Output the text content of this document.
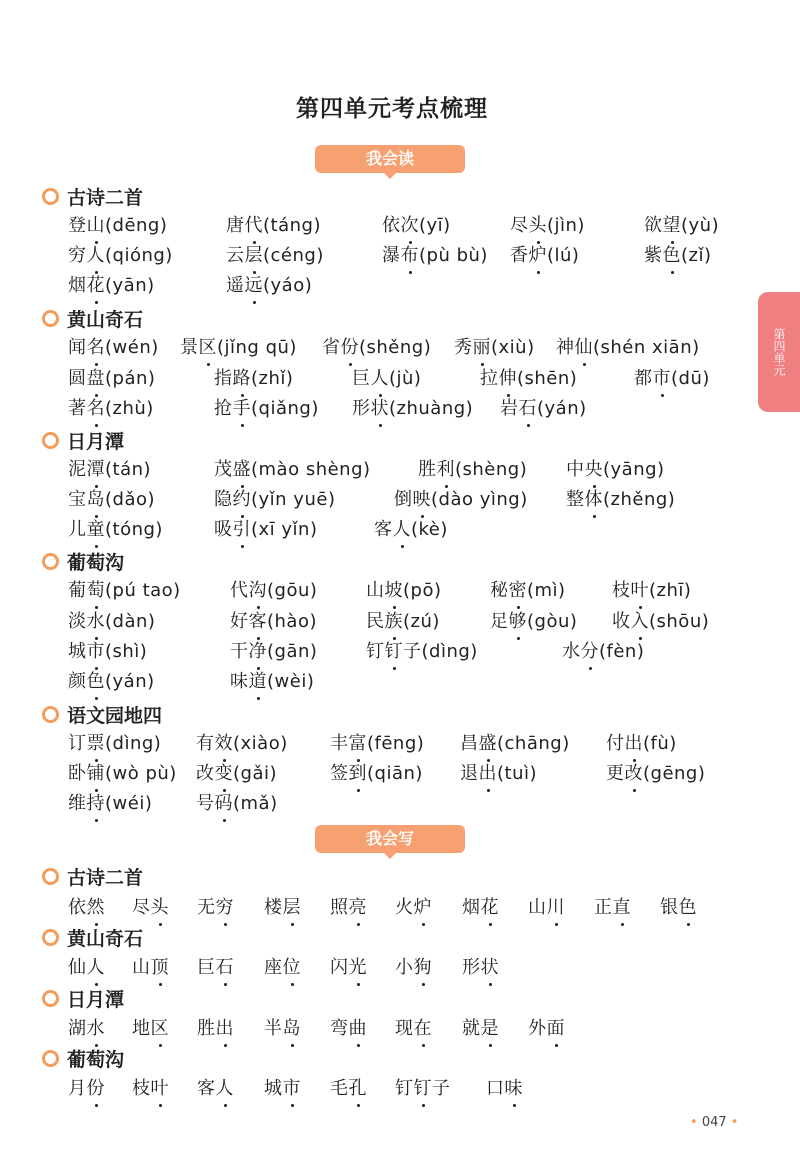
第四单元考点梳理
我会读
我会写
第四单元
• 047 •
古诗二首
登山(dēng)	唐代(táng)	依次(yī)	尽头(jìn)	欲望(yù)
穷人(qióng)	云层(céng)	瀑布(pù bù) 香炉(lú)	紫色(zǐ)
烟花(yān)	遥远(yáo)
黄山奇石
闻名(wén) 景区(jǐng qū) 省份(shěng) 秀丽(xiù) 神仙(shén xiān)
圆盘(pán)	指路(zhǐ)	巨人(jù)	拉伸(shēn)	都市(dū)
著名(zhù)	抢手(qiǎng) 形状(zhuàng) 岩石(yán)
日月潭
泥潭(tán)	茂盛(mào shèng)	胜利(shèng) 中央(yāng)
宝岛(dǎo)	隐约(yǐn yuē)	倒映(dào yìng) 整体(zhěng)
儿童(tóng)	吸引(xī yǐn)	客人(kè)
葡萄沟
葡萄(pú tao)	代沟(gōu)	山坡(pō)	秘密(mì)	枝叶(zhī)
淡水(dàn)	好客(hào)	民族(zú)	足够(gòu) 收入(shōu)
城市(shì)	干净(gān)	钉钉子(dìng)	水分(fèn)
颜色(yán)	味道(wèi)
语文园地四
订票(dìng) 有效(xiào) 丰富(fēng) 昌盛(chāng) 付出(fù)
卧铺(wò pù) 改变(gǎi)	签到(qiān) 退出(tuì)	更改(gēng)
维持(wéi) 号码(mǎ)
古诗二首
依然 尽头 无穷 楼层 照亮 火炉 烟花 山川 正直 银色
黄山奇石
仙人 山顶 巨石 座位 闪光 小狗 形状
日月潭
湖水 地区 胜出 半岛 弯曲 现在 就是 外面
葡萄沟
月份 枝叶 客人 城市 毛孔 钉钉子 口味
